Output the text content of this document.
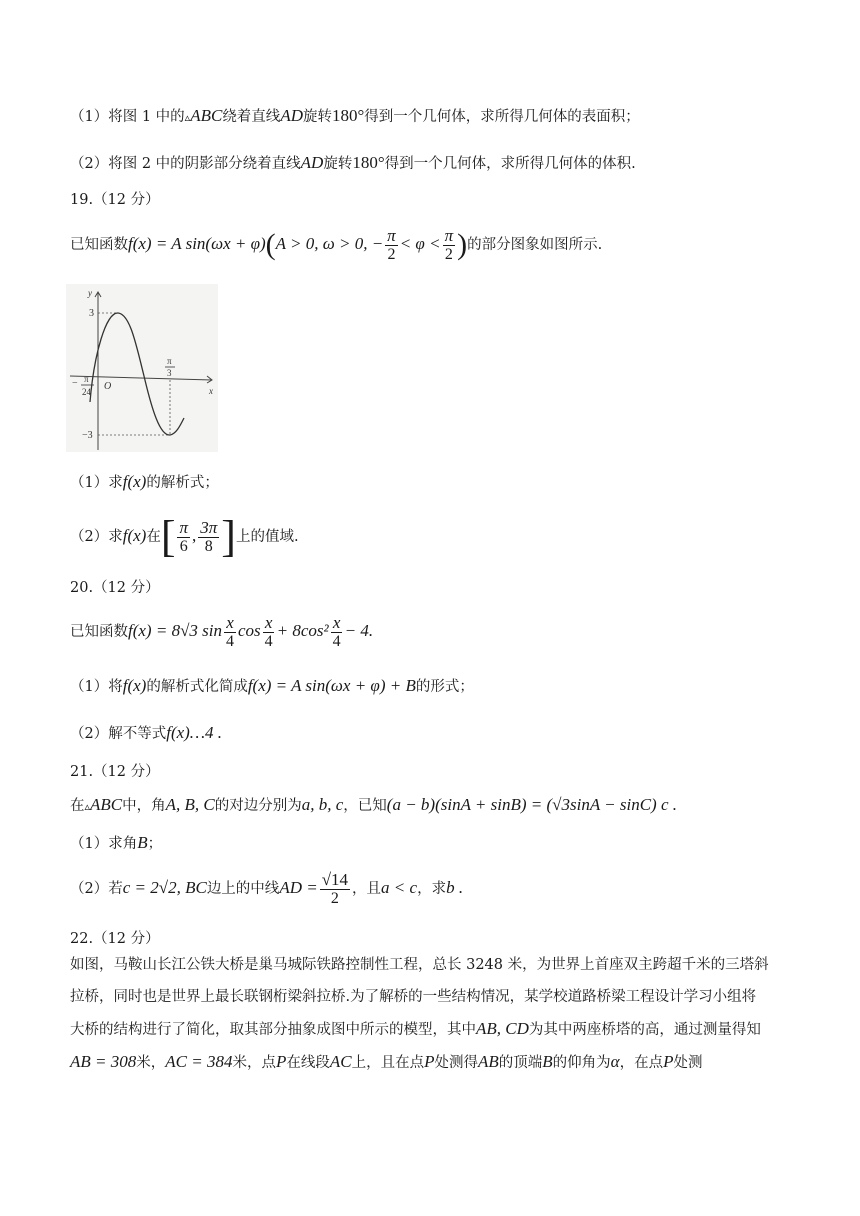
（1）将图 1 中的▵ABC绕着直线AD旋转180°得到一个几何体，求所得几何体的表面积；
（2）将图 2 中的阴影部分绕着直线AD旋转180°得到一个几何体，求所得几何体的体积.
19.（12 分）
已知函数f(x) = A sin(ωx + φ)(A > 0, ω > 0, − $\frac{\pi}{2} < \varphi < \frac{\pi}{2}$ )的部分图象如图所示.
y
x
O
3
−3
− π
24
π
3
（1）求f(x)的解析式；
（2）求f(x)在[ $\frac{\pi}{6}$ , $\frac{3\pi}{8}$ ]上的值域.
20.（12 分）
已知函数f(x) = 8√3 $\sin \frac{x}{4}$ $\cos \frac{x}{4} + 8\cos^2 \frac{x}{4} - 4$.
（1）将f(x)的解析式化简成f(x) = A sin(ωx + φ) + B的形式；
（2）解不等式f(x)…4 .
21.（12 分）
在▵ABC中，角A, B, C的对边分别为a, b, c，已知(a − b)(sinA + sinB) = (√3sinA − sinC) c .
（1）求角B；
（2）若c = 2√2, BC边上的中线AD = $\frac{√14}{2}$ ，且a < c，求b .
22.（12 分）
如图，马鞍山长江公铁大桥是巢马城际铁路控制性工程，总长 3248 米，为世界上首座双主跨超千米的三塔斜
拉桥，同时也是世界上最长联钢桁梁斜拉桥.为了解桥的一些结构情况，某学校道路桥梁工程设计学习小组将
大桥的结构进行了简化，取其部分抽象成图中所示的模型，其中AB, CD为其中两座桥塔的高，通过测量得知
AB = 308米，AC = 384米，点P在线段AC上，且在点P处测得AB的顶端B的仰角为α，在点P处测
